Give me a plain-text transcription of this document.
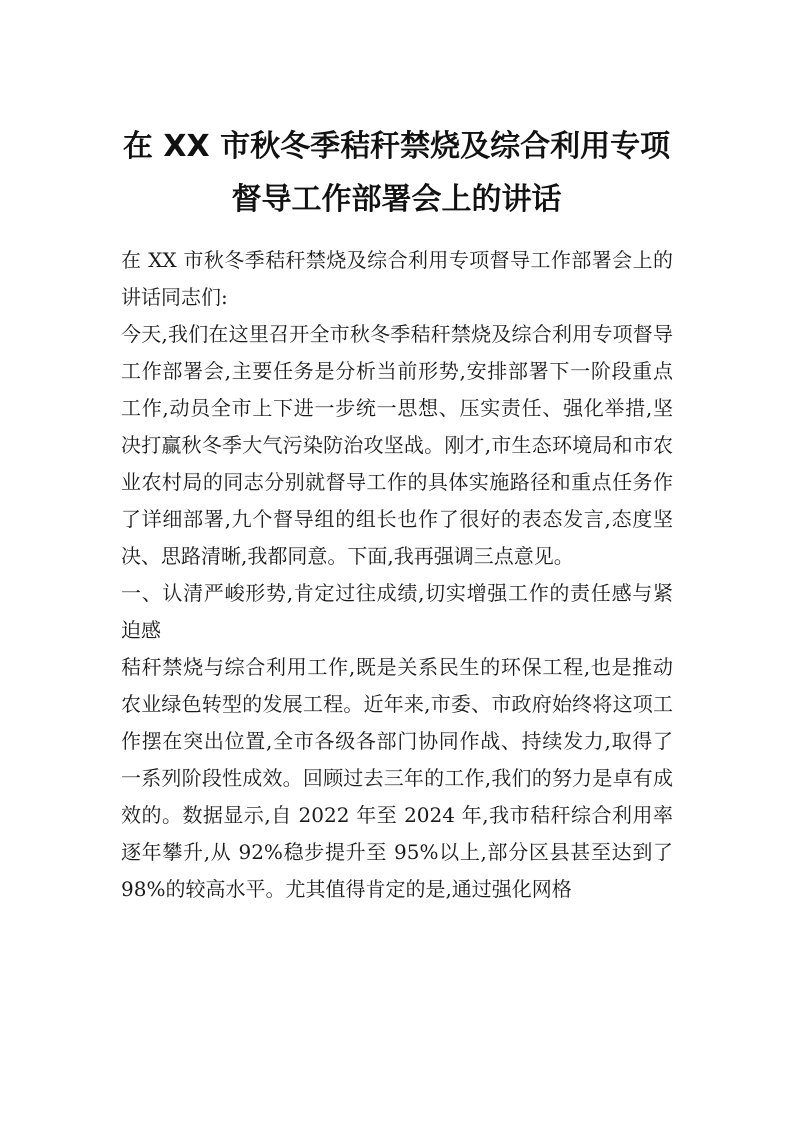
在 XX 市秋冬季秸秆禁烧及综合利用专项督导工作部署会上的讲话

在 XX 市秋冬季秸秆禁烧及综合利用专项督导工作部署会上的讲话同志们:

今天,我们在这里召开全市秋冬季秸秆禁烧及综合利用专项督导工作部署会,主要任务是分析当前形势,安排部署下一阶段重点工作,动员全市上下进一步统一思想、压实责任、强化举措,坚决打赢秋冬季大气污染防治攻坚战。刚才,市生态环境局和市农业农村局的同志分别就督导工作的具体实施路径和重点任务作了详细部署,九个督导组的组长也作了很好的表态发言,态度坚决、思路清晰,我都同意。下面,我再强调三点意见。

一、认清严峻形势,肯定过往成绩,切实增强工作的责任感与紧迫感

秸秆禁烧与综合利用工作,既是关系民生的环保工程,也是推动农业绿色转型的发展工程。近年来,市委、市政府始终将这项工作摆在突出位置,全市各级各部门协同作战、持续发力,取得了一系列阶段性成效。回顾过去三年的工作,我们的努力是卓有成效的。数据显示,自 2022 年至 2024 年,我市秸秆综合利用率逐年攀升,从 92%稳步提升至 95%以上,部分区县甚至达到了 98%的较高水平。尤其值得肯定的是,通过强化网格
